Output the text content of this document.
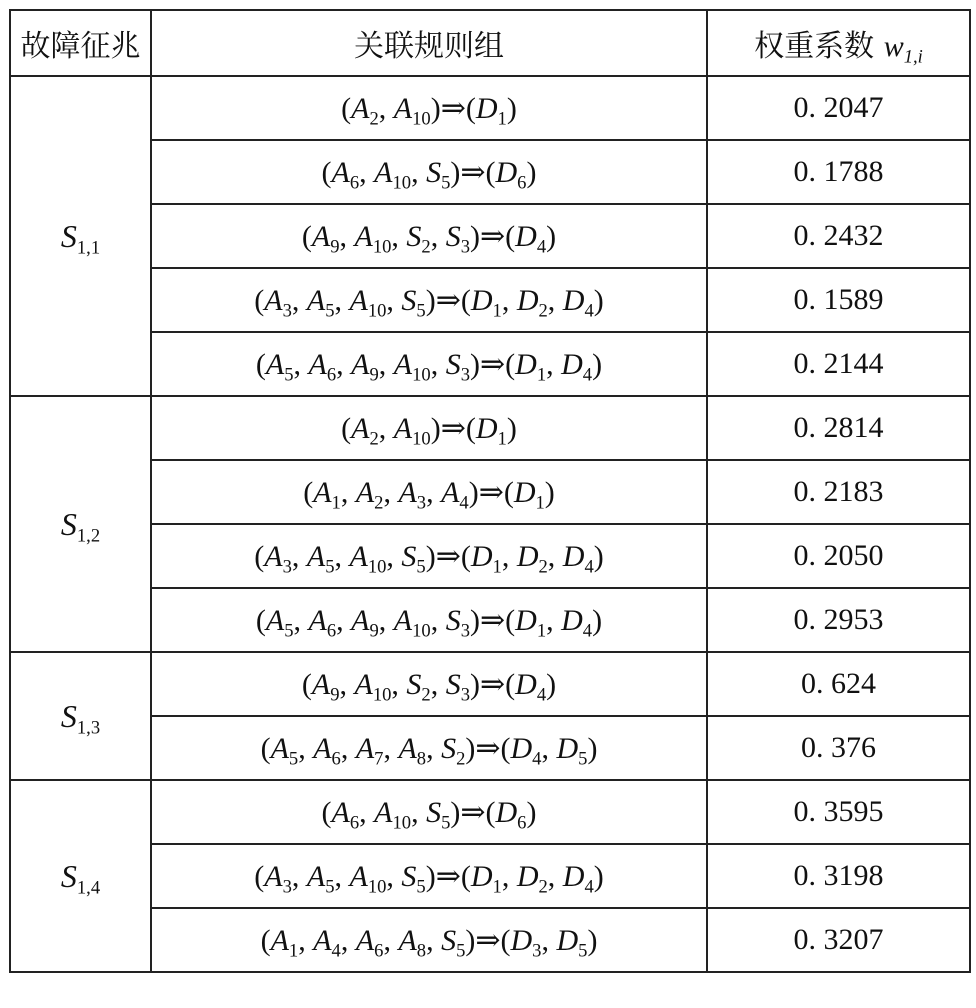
故障征兆	关联规则组	权重系数 $w_{1,i}$
$S_{1,1}$	($A_2$, $A_{10})\Rightarrow(D_1)$	0. 2047
	($A_6$, $A_{10}$, $S_5)\Rightarrow(D_6)$	0. 1788
	($A_9$, $A_{10}$, $S_2$, $S_3)\Rightarrow(D_4)$	0. 2432
	($A_3$, $A_5$, $A_{10}$, $S_5)\Rightarrow(D_1$, $D_2$, $D_4$)	0. 1589
	($A_5$, $A_6$, $A_9$, $A_{10}$, $S_3)\Rightarrow(D_1$, $D_4$)	0. 2144
$S_{1,2}$	($A_2$, $A_{10})\Rightarrow(D_1)$	0. 2814
	($A_1$, $A_2$, $A_3$, $A_4)\Rightarrow(D_1)$	0. 2183
	($A_3$, $A_5$, $A_{10}$, $S_5)\Rightarrow(D_1$, $D_2$, $D_4$)	0. 2050
	($A_5$, $A_6$, $A_9$, $A_{10}$, $S_3)\Rightarrow(D_1$, $D_4$)	0. 2953
$S_{1,3}$	($A_9$, $A_{10}$, $S_2$, $S_3)\Rightarrow(D_4)$	0. 624
	($A_5$, $A_6$, $A_7$, $A_8$, $S_2)\Rightarrow(D_4$, $D_5$)	0. 376
$S_{1,4}$	($A_6$, $A_{10}$, $S_5)\Rightarrow(D_6)$	0. 3595
	($A_3$, $A_5$, $A_{10}$, $S_5)\Rightarrow(D_1$, $D_2$, $D_4$)	0. 3198
	($A_1$, $A_4$, $A_6$, $A_8$, $S_5)\Rightarrow(D_3$, $D_5$)	0. 3207
